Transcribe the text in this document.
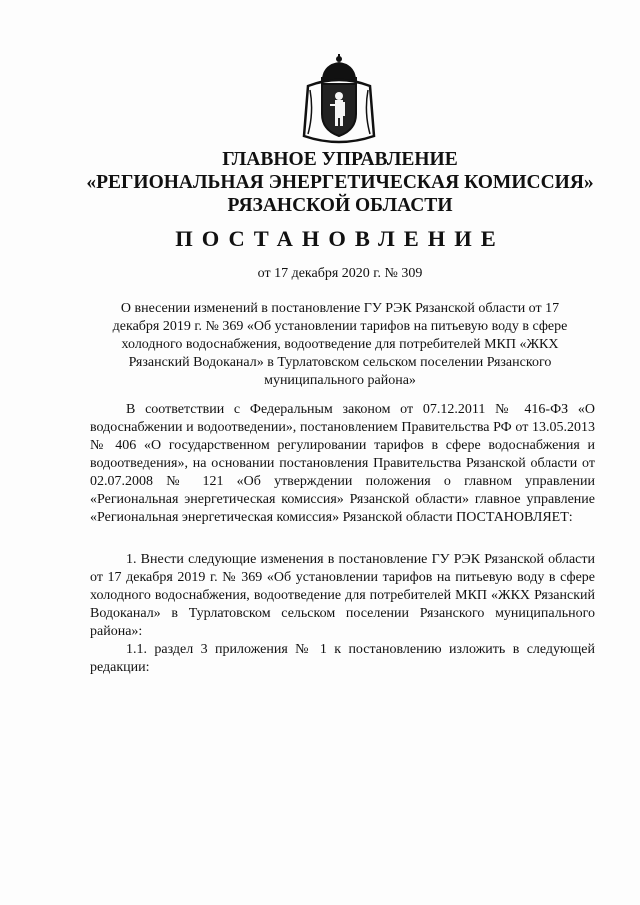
ГЛАВНОЕ УПРАВЛЕНИЕ
«РЕГИОНАЛЬНАЯ ЭНЕРГЕТИЧЕСКАЯ КОМИССИЯ»
РЯЗАНСКОЙ ОБЛАСТИ
ПОСТАНОВЛЕНИЕ
от 17 декабря 2020 г. № 309
О внесении изменений в постановление ГУ РЭК Рязанской области от 17 декабря 2019 г. № 369 «Об установлении тарифов на питьевую воду в сфере холодного водоснабжения, водоотведение для потребителей МКП «ЖКХ Рязанский Водоканал» в Турлатовском сельском поселении Рязанского муниципального района»

В соответствии с Федеральным законом от 07.12.2011 № 416-ФЗ «О водоснабжении и водоотведении», постановлением Правительства РФ от 13.05.2013 № 406 «О государственном регулировании тарифов в сфере водоснабжения и водоотведения», на основании постановления Правительства Рязанской области от 02.07.2008 № 121 «Об утверждении положения о главном управлении «Региональная энергетическая комиссия» Рязанской области» главное управление «Региональная энергетическая комиссия» Рязанской области ПОСТАНОВЛЯЕТ:

1. Внести следующие изменения в постановление ГУ РЭК Рязанской области от 17 декабря 2019 г. № 369 «Об установлении тарифов на питьевую воду в сфере холодного водоснабжения, водоотведение для потребителей МКП «ЖКХ Рязанский Водоканал» в Турлатовском сельском поселении Рязанского муниципального района»:

1.1. раздел 3 приложения № 1 к постановлению изложить в следующей редакции:
